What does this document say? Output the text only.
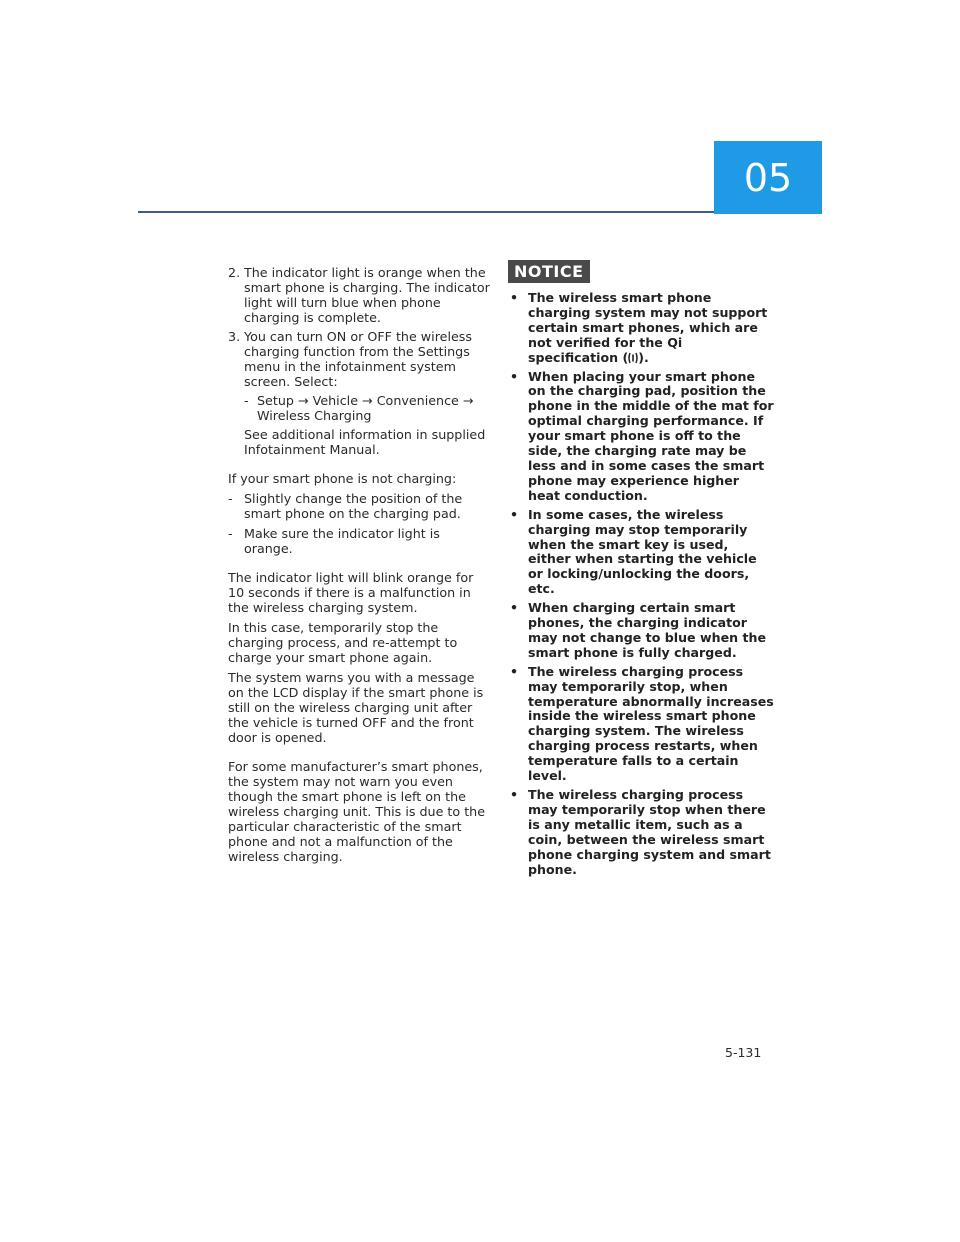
05
2. The indicator light is orange when the smart phone is charging. The indicator light will turn blue when phone charging is complete.
3. You can turn ON or OFF the wireless charging function from the Settings menu in the infotainment system screen. Select:
- Setup → Vehicle → Convenience → Wireless Charging

See additional information in supplied Infotainment Manual.

If your smart phone is not charging:

- Slightly change the position of the smart phone on the charging pad.
- Make sure the indicator light is orange.

The indicator light will blink orange for 10 seconds if there is a malfunction in the wireless charging system.

In this case, temporarily stop the charging process, and re-attempt to charge your smart phone again.

The system warns you with a message on the LCD display if the smart phone is still on the wireless charging unit after the vehicle is turned OFF and the front door is opened.

For some manufacturer’s smart phones, the system may not warn you even though the smart phone is left on the wireless charging unit. This is due to the particular characteristic of the smart phone and not a malfunction of the wireless charging.

NOTICE
• The wireless smart phone charging system may not support certain smart phones, which are not verified for the Qi specification ( ).
• When placing your smart phone on the charging pad, position the phone in the middle of the mat for optimal charging performance. If your smart phone is off to the side, the charging rate may be less and in some cases the smart phone may experience higher heat conduction.
• In some cases, the wireless charging may stop temporarily when the smart key is used, either when starting the vehicle or locking/unlocking the doors, etc.
• When charging certain smart phones, the charging indicator may not change to blue when the smart phone is fully charged.
• The wireless charging process may temporarily stop, when temperature abnormally increases inside the wireless smart phone charging system. The wireless charging process restarts, when temperature falls to a certain level.
• The wireless charging process may temporarily stop when there is any metallic item, such as a coin, between the wireless smart phone charging system and smart phone.
5-131
